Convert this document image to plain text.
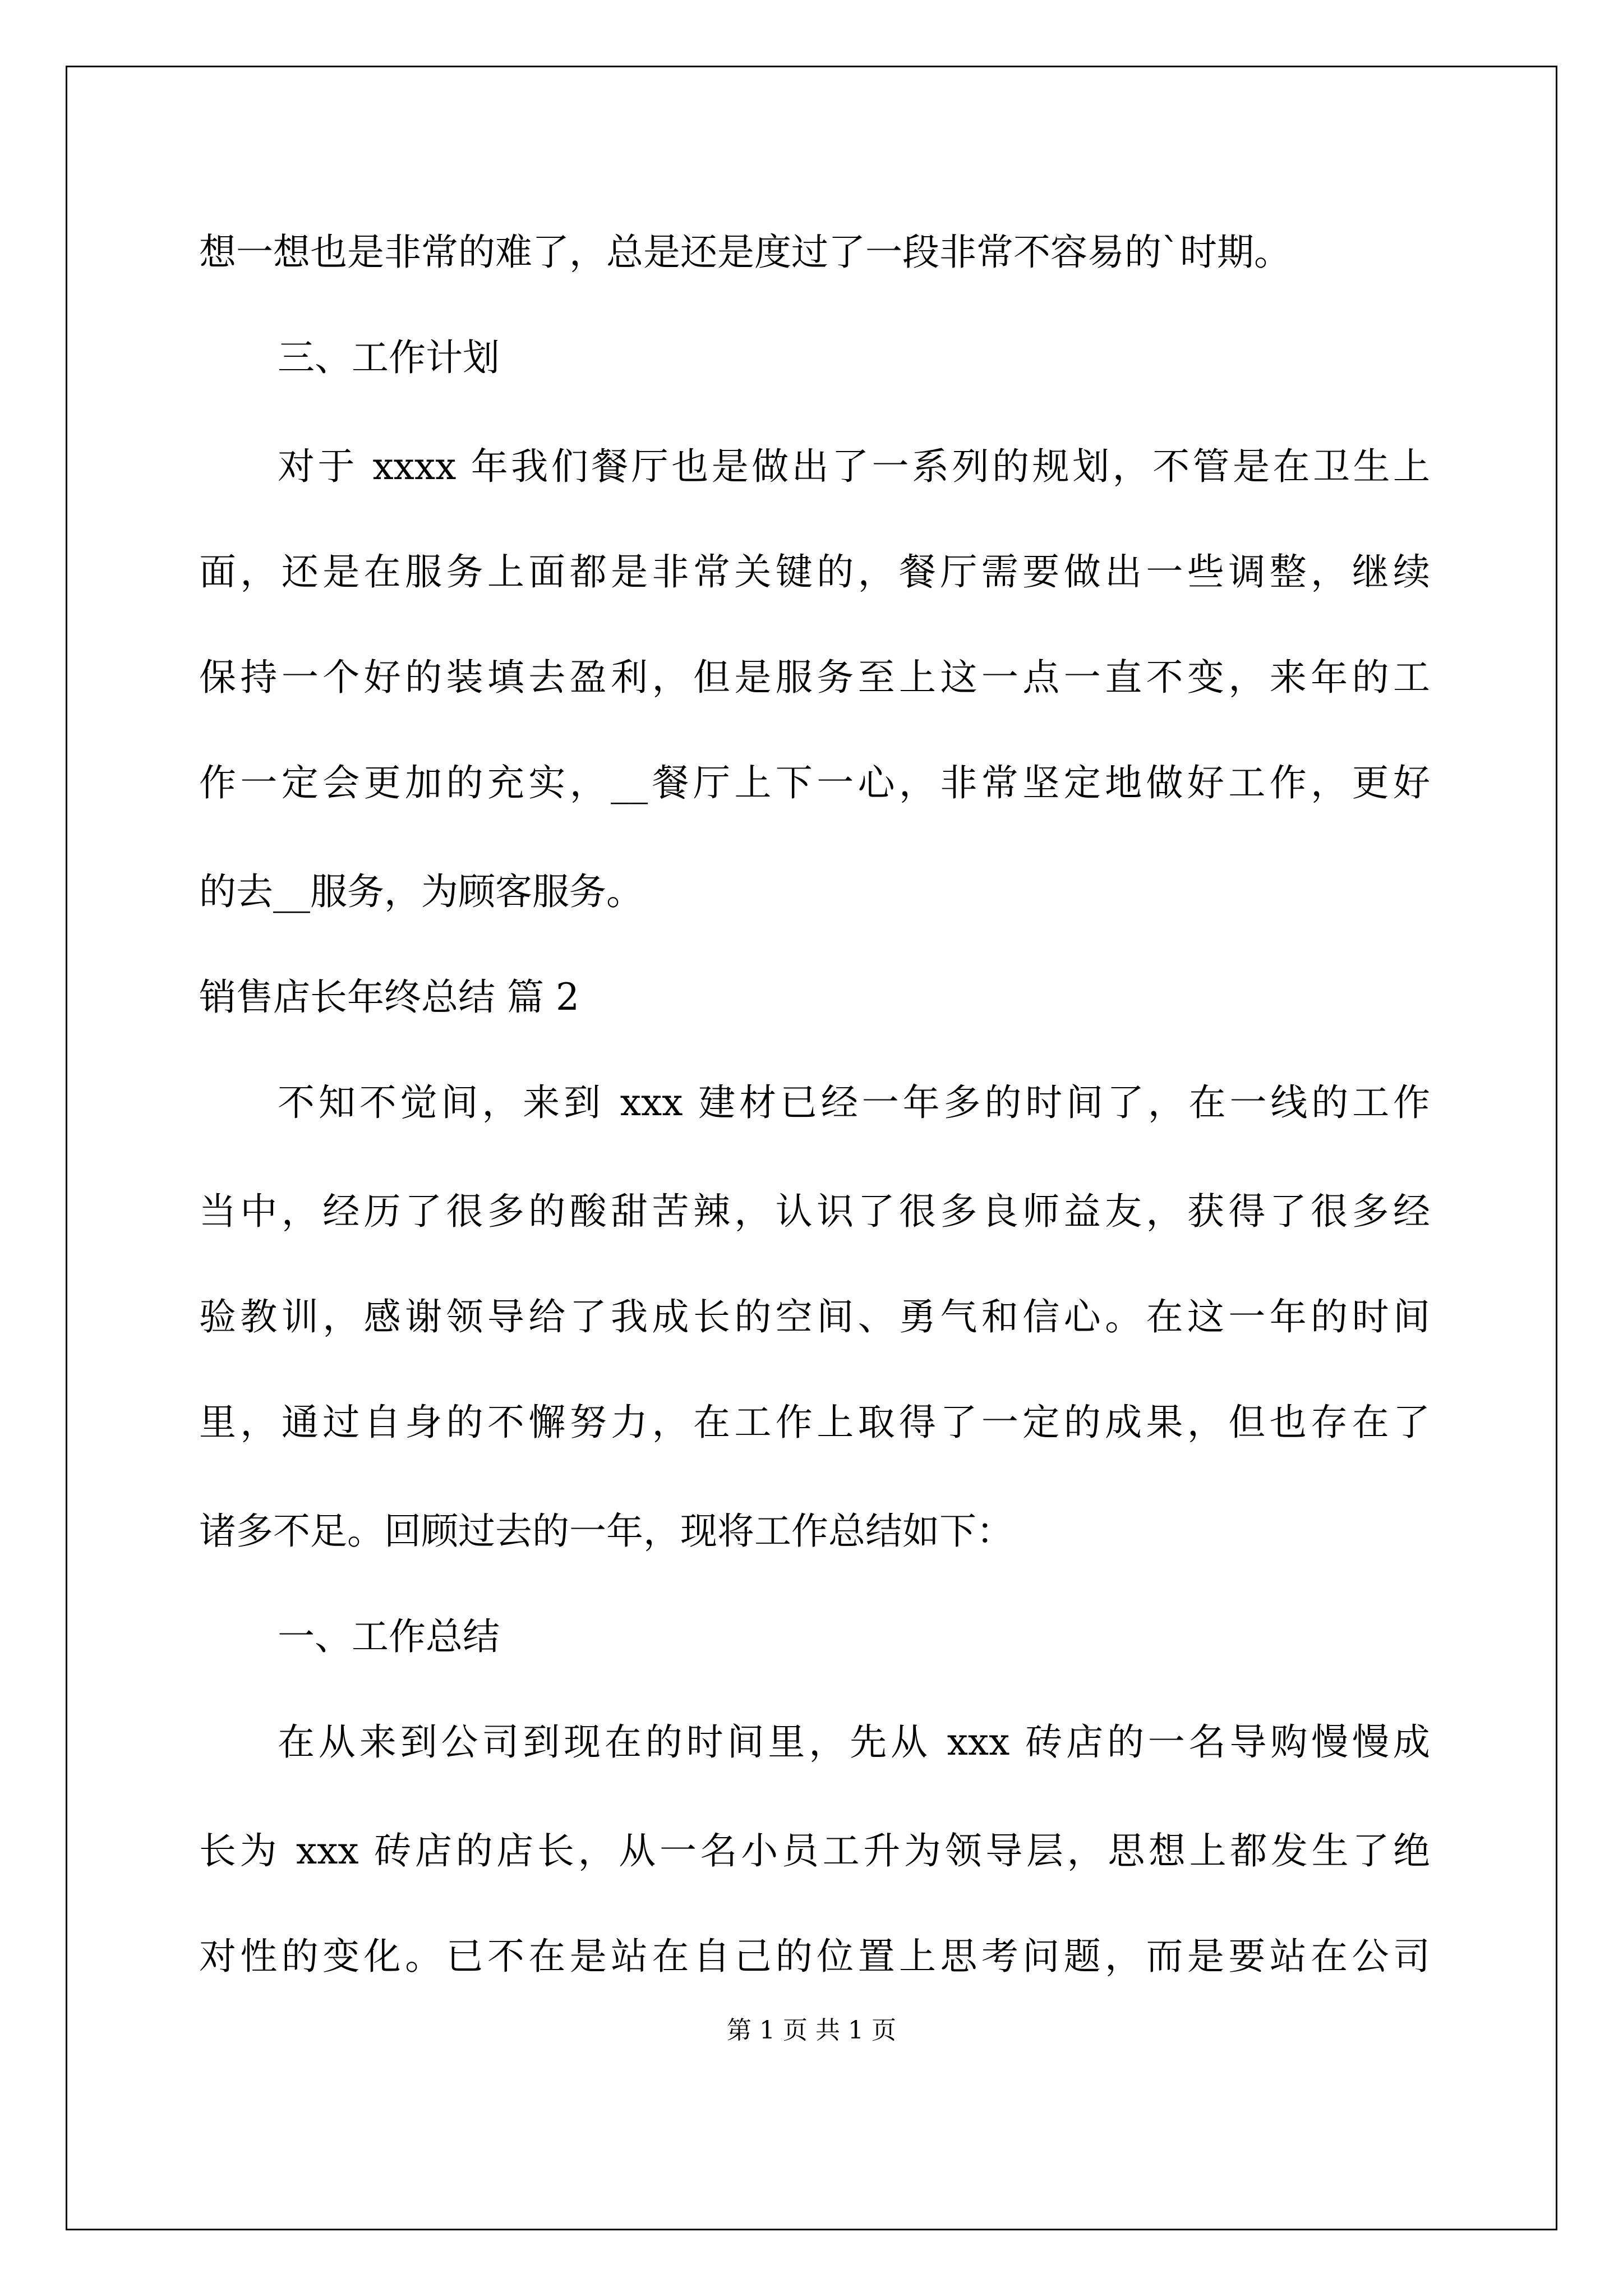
想一想也是非常的难了，总是还是度过了一段非常不容易的`时期。
三、工作计划
对于 xxxx 年我们餐厅也是做出了一系列的规划，不管是在卫生上
面，还是在服务上面都是非常关键的，餐厅需要做出一些调整，继续
保持一个好的装填去盈利，但是服务至上这一点一直不变，来年的工
作一定会更加的充实，__餐厅上下一心，非常坚定地做好工作，更好
的去__服务，为顾客服务。
销售店长年终总结 篇 2
不知不觉间，来到 xxx 建材已经一年多的时间了，在一线的工作
当中，经历了很多的酸甜苦辣，认识了很多良师益友，获得了很多经
验教训，感谢领导给了我成长的空间、勇气和信心。在这一年的时间
里，通过自身的不懈努力，在工作上取得了一定的成果，但也存在了
诸多不足。回顾过去的一年，现将工作总结如下：
一、工作总结
在从来到公司到现在的时间里，先从 xxx 砖店的一名导购慢慢成
长为 xxx 砖店的店长，从一名小员工升为领导层，思想上都发生了绝
对性的变化。已不在是站在自己的位置上思考问题，而是要站在公司
第 1 页 共 1 页
